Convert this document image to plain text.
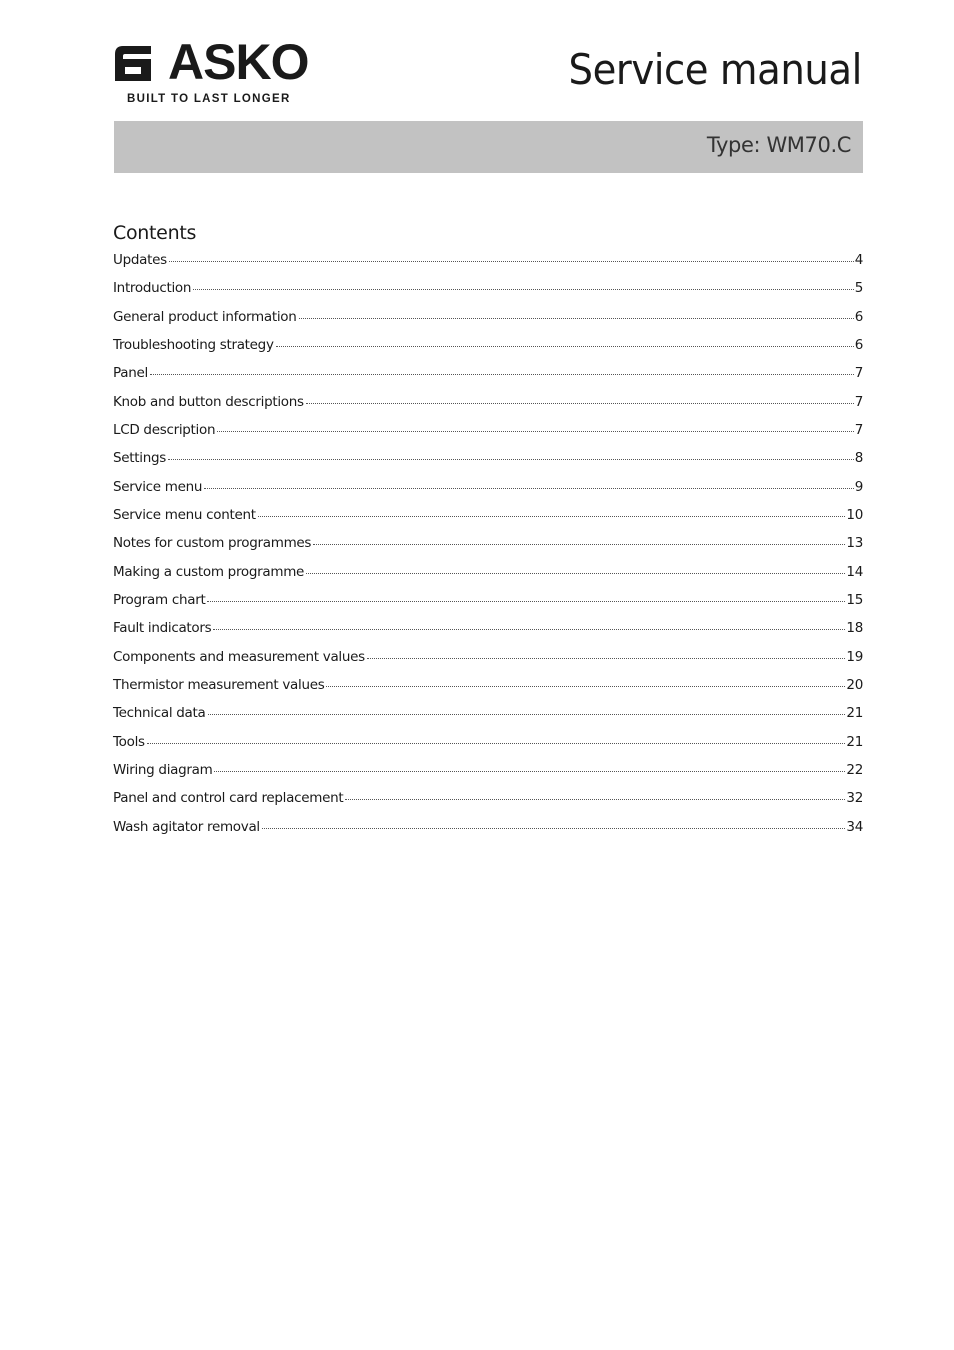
ASKO
BUILT TO LAST LONGER
Service manual
Type: WM70.C
Contents
Updates	4
Introduction	5
General product information	6
Troubleshooting strategy	6
Panel	7
Knob and button descriptions	7
LCD description	7
Settings	8
Service menu	9
Service menu content	10
Notes for custom programmes	13
Making a custom programme	14
Program chart	15
Fault indicators	18
Components and measurement values	19
Thermistor measurement values	20
Technical data	21
Tools	21
Wiring diagram	22
Panel and control card replacement	32
Wash agitator removal	34
